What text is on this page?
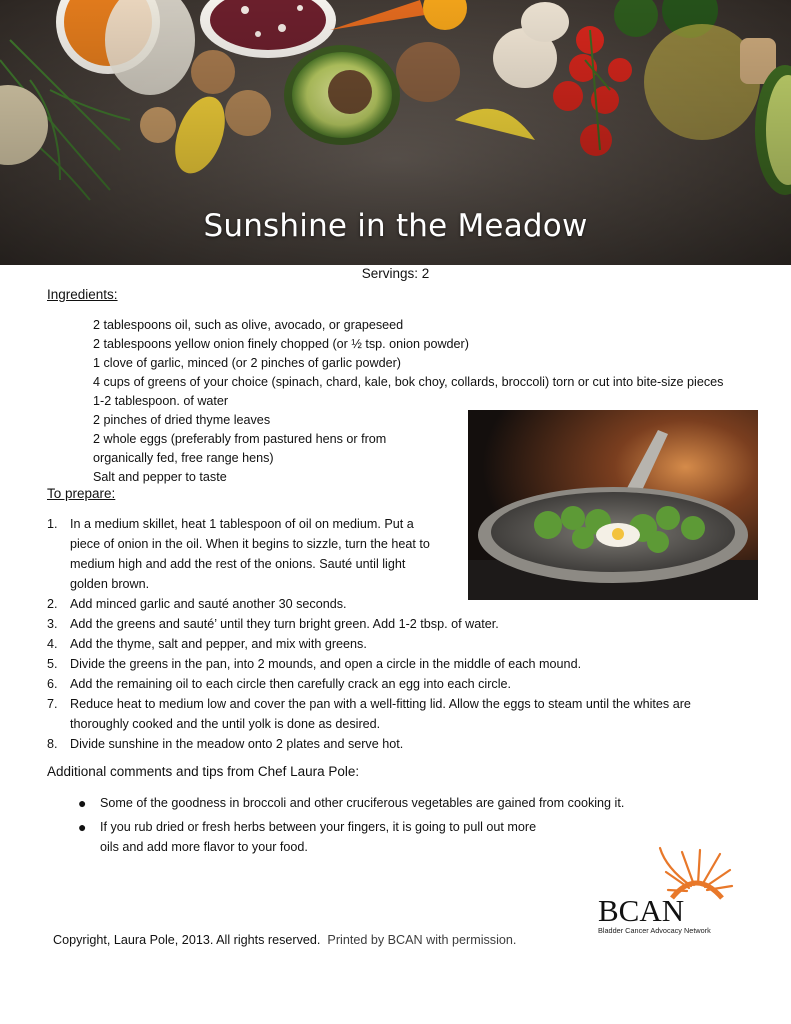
Sunshine in the Meadow
Servings: 2
Ingredients:
2 tablespoons oil, such as olive, avocado, or grapeseed
2 tablespoons yellow onion finely chopped (or ½ tsp. onion powder)
1 clove of garlic, minced (or 2 pinches of garlic powder)
4 cups of greens of your choice (spinach, chard, kale, bok choy, collards, broccoli) torn or cut into bite-size pieces
1-2 tablespoon. of water
2 pinches of dried thyme leaves
2 whole eggs (preferably from pastured hens or from
organically fed, free range hens)
Salt and pepper to taste
To prepare:
1. In a medium skillet, heat 1 tablespoon of oil on medium. Put a
piece of onion in the oil. When it begins to sizzle, turn the heat to
medium high and add the rest of the onions. Sauté until light
golden brown.
2. Add minced garlic and sauté another 30 seconds.
3. Add the greens and sauté’ until they turn bright green. Add 1-2 tbsp. of water.
4. Add the thyme, salt and pepper, and mix with greens.
5. Divide the greens in the pan, into 2 mounds, and open a circle in the middle of each mound.
6. Add the remaining oil to each circle then carefully crack an egg into each circle.
7. Reduce heat to medium low and cover the pan with a well-fitting lid. Allow the eggs to steam until the whites are
thoroughly cooked and the until yolk is done as desired.
8. Divide sunshine in the meadow onto 2 plates and serve hot.
Additional comments and tips from Chef Laura Pole:
● Some of the goodness in broccoli and other cruciferous vegetables are gained from cooking it.
● If you rub dried or fresh herbs between your fingers, it is going to pull out more
oils and add more flavor to your food.
BCAN
Bladder Cancer Advocacy Network
Copyright, Laura Pole, 2013. All rights reserved. Printed by BCAN with permission.
